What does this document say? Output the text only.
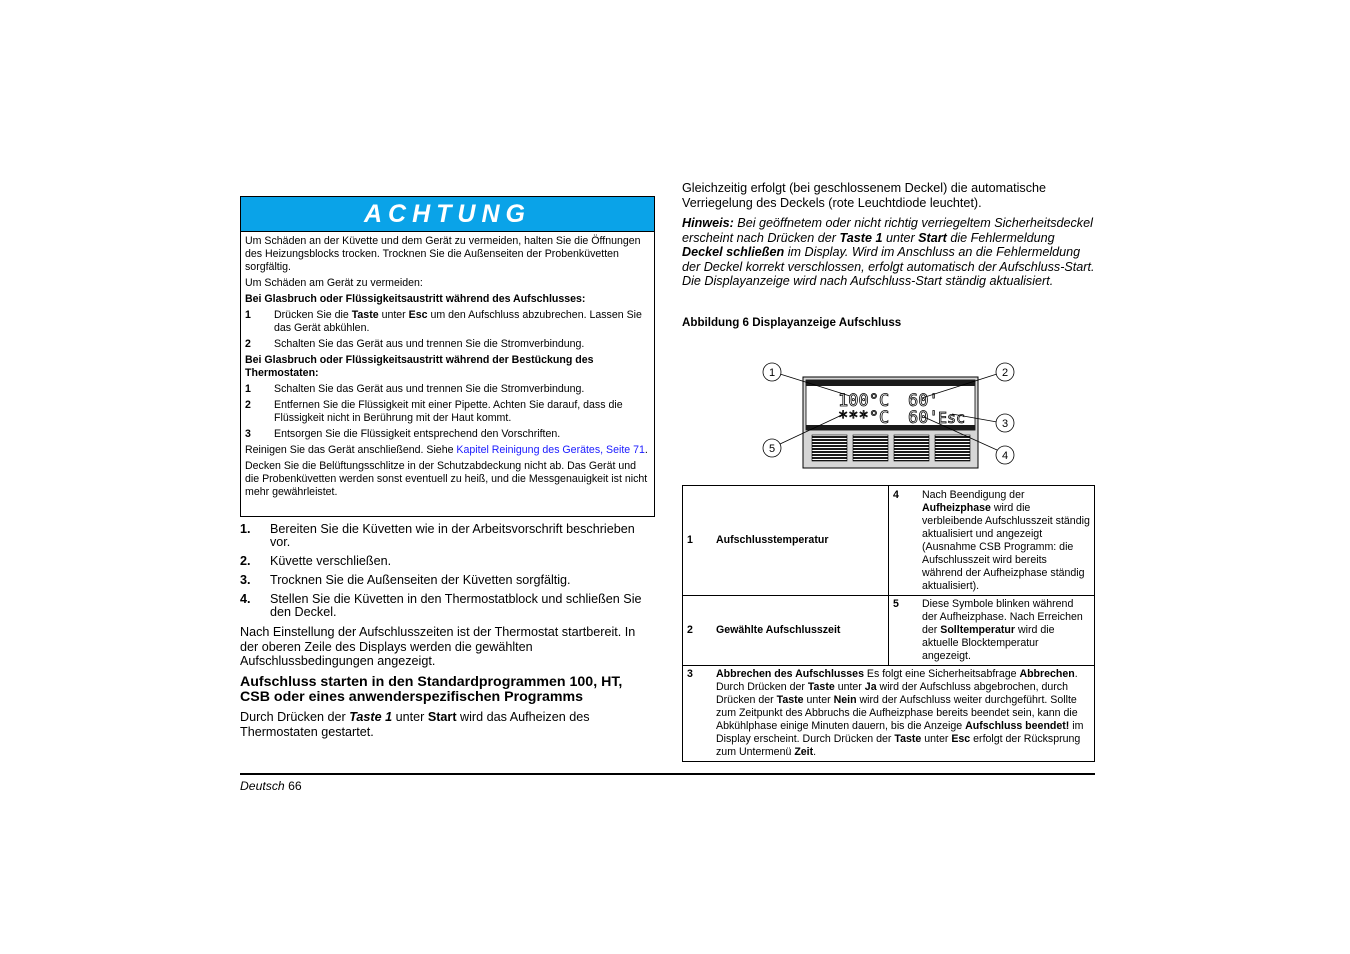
ACHTUNG

Um Schäden an der Küvette und dem Gerät zu vermeiden, halten Sie die Öffnungen des Heizungsblocks trocken. Trocknen Sie die Außenseiten der Probenküvetten sorgfältig.

Um Schäden am Gerät zu vermeiden:

Bei Glasbruch oder Flüssigkeitsaustritt während des Aufschlusses:

1	Drücken Sie die Taste unter Esc um den Aufschluss abzubrechen. Lassen Sie das Gerät abkühlen.
2	Schalten Sie das Gerät aus und trennen Sie die Stromverbindung.

Bei Glasbruch oder Flüssigkeitsaustritt während der Bestückung des Thermostaten:

1	Schalten Sie das Gerät aus und trennen Sie die Stromverbindung.
2	Entfernen Sie die Flüssigkeit mit einer Pipette. Achten Sie darauf, dass die Flüssigkeit nicht in Berührung mit der Haut kommt.
3	Entsorgen Sie die Flüssigkeit entsprechend den Vorschriften.

Reinigen Sie das Gerät anschließend. Siehe Kapitel Reinigung des Gerätes, Seite 71.

Decken Sie die Belüftungsschlitze in der Schutzabdeckung nicht ab. Das Gerät und die Probenküvetten werden sonst eventuell zu heiß, und die Messgenauigkeit ist nicht mehr gewährleistet.

1.	Bereiten Sie die Küvetten wie in der Arbeitsvorschrift beschrieben vor.
2.	Küvette verschließen.
3.	Trocknen Sie die Außenseiten der Küvetten sorgfältig.
4.	Stellen Sie die Küvetten in den Thermostatblock und schließen Sie den Deckel.

Nach Einstellung der Aufschlusszeiten ist der Thermostat startbereit. In der oberen Zeile des Displays werden die gewählten Aufschlussbedingungen angezeigt.

Aufschluss starten in den Standardprogrammen 100, HT, CSB oder eines anwenderspezifischen Programms

Durch Drücken der Taste 1 unter Start wird das Aufheizen des Thermostaten gestartet.

Gleichzeitig erfolgt (bei geschlossenem Deckel) die automatische Verriegelung des Deckels (rote Leuchtdiode leuchtet).

Hinweis: Bei geöffnetem oder nicht richtig verriegeltem Sicherheitsdeckel erscheint nach Drücken der Taste 1 unter Start die Fehlermeldung Deckel schließen im Display. Wird im Anschluss an die Fehlermeldung der Deckel korrekt verschlossen, erfolgt automatisch der Aufschluss-Start. Die Displayanzeige wird nach Aufschluss-Start ständig aktualisiert.

Abbildung 6 Displayanzeige Aufschluss

100°C 60'
***°C 60' Esc
1	2
3
4
5
1 Aufschlusstemperatur	4 Nach Beendigung der Aufheizphase wird die verbleibende Aufschlusszeit ständig aktualisiert und angezeigt (Ausnahme CSB Programm: die Aufschlusszeit wird bereits während der Aufheizphase ständig aktualisiert).

2 Gewählte Aufschlusszeit	5 Diese Symbole blinken während der Aufheizphase. Nach Erreichen der Solltemperatur wird die aktuelle Blocktemperatur angezeigt.

3 Abbrechen des Aufschlusses Es folgt eine Sicherheitsabfrage Abbrechen. Durch Drücken der Taste unter Ja wird der Aufschluss abgebrochen, durch Drücken der Taste unter Nein wird der Aufschluss weiter durchgeführt. Sollte zum Zeitpunkt des Abbruchs die Aufheizphase bereits beendet sein, kann die Abkühlphase einige Minuten dauern, bis die Anzeige Aufschluss beendet! im Display erscheint. Durch Drücken der Taste unter Esc erfolgt der Rücksprung zum Untermenü Zeit.	
Deutsch 66
